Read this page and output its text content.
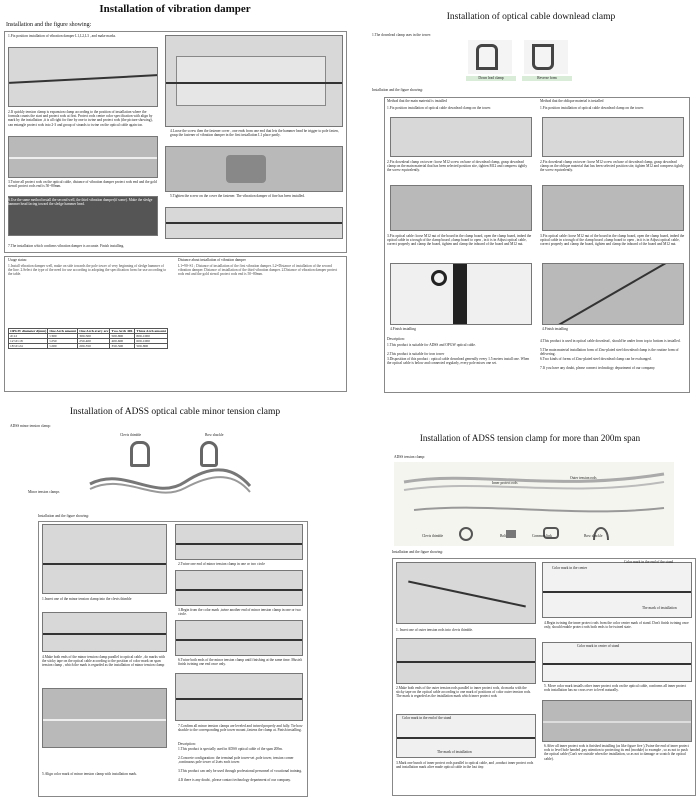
Installation of vibration damper
Installation and the figure showing:
1.Fix position installation of vibration damper L1,L2,L3 , and make marks.
2.If quickly tension clamp is expansion clamp according to the position of installation where the formula counts the start and protect rods at first. Protect rods centre color specification with align by mark by the installation ,it is all right for fine by one to twine and protect rods (the picture showing), can entangle protect rods into 2-3 and group of strands to twine on the optical cable again too.
4.Loose the screw then the fastener cover , one ends from one end that lets the hammer head be trigger to pole fasten, grasp the fastener of vibration damper in the first installation L1 place partly.
3.Twine all protect rods on the optical cable, distance of vibration damper protect rods end and the gold stencil protect rods end is 50~80mm.
5.Tighten the screw on the cover the fastener. The vibration damper of fine has been installed.
6.Use the same method install the second well, the third vibration damper(if some). Make the sledge hammer head facing toward the sledge hammer head.
7.The installation which confirms vibration damper is accurate. Finish installing.
Usage status:
1.Install vibration damper well, make on side towards the pole tower of very beginning of sledge hammer of the line. 2.Select the type of the need for use according to adopting the specification form for use according to the table.
OPGW diameter d(mm)	One Arch amount	One Arch every arc	Two Arch 400-	Three Arch amount
d≤12	≤300	300-500	500-800	800-1000
12<d≤18	≤250	250-400	400-600	600-1000
18<d≤24	≤200	200-350	350-500	500-800
Distance about installation of vibration damper
L1=90~S1 ; Distance of installation of the first vibration damper. L2=Distance of installation of the second vibration damper. Distance of installation of the third vibration damper. 2.Distance of vibration damper protect rods end and the gold stencil protect rods end is 50~80mm.
Installation of optical cable downlead clamp
1.The downlead clamp uses in the tower:
Down lead clamp	Reverse form
Installation and the figure showing:
Method that the main material is installed	Method that the oblique material is installed
1.Fix position installation of optical cable downlead clamp on the tower.	1.Fix position installation of optical cable downlead clamp on the tower.
2.Fix downlead clamp on tower: loose M12 screw on base of downlead clamp, grasp downlead clamp on the main material that has been selected position site, tighten M12 and compress tightly the screw equivalently.
2.Fix downlead clamp on tower: loose M12 screw on base of downlead clamp, grasp downlead clamp on the oblique material that has been selected position site, tighten M12 and compress tightly the screw equivalently.
3.Fix optical cable: loose M12 nut of the board in the clamp board, open the clamp board, imbed the optical cable in a trough of the clamp board ,clamp board to open , in it is in Adjust optical cable, correct properly and clamp the board, tighten and clamp the inboard of the board and M12 nut.
3.Fix optical cable: loose M12 nut of the board in the clamp board, open the clamp board, imbed the optical cable in a trough of the clamp board ,clamp board to open , in it is in Adjust optical cable, correct properly and clamp the board, tighten and clamp the inboard of the board and M12 nut.
4.Finish installing	4.Finish installing
Description:
1.This product is suitable for ADSS and OPGW optical cable.
2.This product is suitable for iron tower
3.Disposition of this product : optical cable downlead generally every 1.5 meters install one. When the optical cable is below and connected regularly, every pole mixes one set.
4.This product is used in optical cable downlead , should be under from top to bottom is installed.
5.The main material installation form of Zinc-plated steel downlead clamp is the routine form of delivering.
6.Two kinds of forms of Zinc-plated steel downlead clamp can be exchanged.
7.If you have any doubt, please connect technology department of our company.
Installation of ADSS optical cable minor tension clamp
ADSS minor tension clamp:
Clevis thimble	Bow shackle
Minor tension clamps
Installation and the figure showing:
2.Twine one end of minor tension clamp in one or two circle
1.Insert one of the minor tension clamp into the clevis thimble
3.Begin from the color mark ,twine another end of minor tension clamp in one or two circle.
4.Make both ends of the minor tension clamp parallel to optical cable , do marks with the sticky tape on the optical cable according to the position of color mark on span tension clamp , which the mark is regarded as the installation of minor tension clamp
6.Twine both ends of the minor tension clamp until finishing at the same time. Mustn't finish twining one end once only.
7.Confirm all minor tension clamps are leveled and twined properly and fully. Tie bow shackle to the corresponding pole tower mount ,fastens the clamp at. Finish installing.
Description:
1.This product is specially used in ADSS optical cable of the span 200m.
2.Concrete configuration: the terminal pole tower-set ,pole tower, tension corner ,continuous pole tower of 2sets each tower.
3.This product can only be used through professional personnel of vocational training.
4.If there is any doubt , please contact technology department of our company.
5.Align color mark of minor tension clamp with installation mark.
Installation of ADSS tension clamp for more than 200m span
ADSS tension clamp:
Inner protect rods
Outer tension rods
Clevis thimble	Bolt	Common link	Bow shackle
Installation and the figure showing:
Color mark in the center
Color mark in the end of the stand
The mark of installation
1. Insert one of outer tension rods into clevis thimble.
4.Begin twining the inner protect rods from the color center mark of stand. Don't finish twining once only, should enable protect rods both ends to be twined state.
Color mark in center of stand
2.Make both ends of the outer tension rods parallel to inner protect rods, do marks with the sticky tape on the optical cable according to one mark of positions of color outer tension rods. The mark is regarded as the installation mark which inner protect rods
5. Move color mark installs other inner protect rods on the optical cable, conforms all inner protect rods installation has no cross over to level naturally.
Color mark in the end of the stand
The mark of installation
6.After all inner protect rods is finished installing (as like figure five ),Twine the end of inner protect rods to level hole handed ,pay attention to protecting its end (module) to example , so as not to push the optical cable (Can't see outside when the installation, so as not to damage or scratch the optical cable).
3.Mark one bunch of inner protect rods parallel to optical cable, and ,conduct inner protect rods and installation mark alive made optical cable in the last tiny.
